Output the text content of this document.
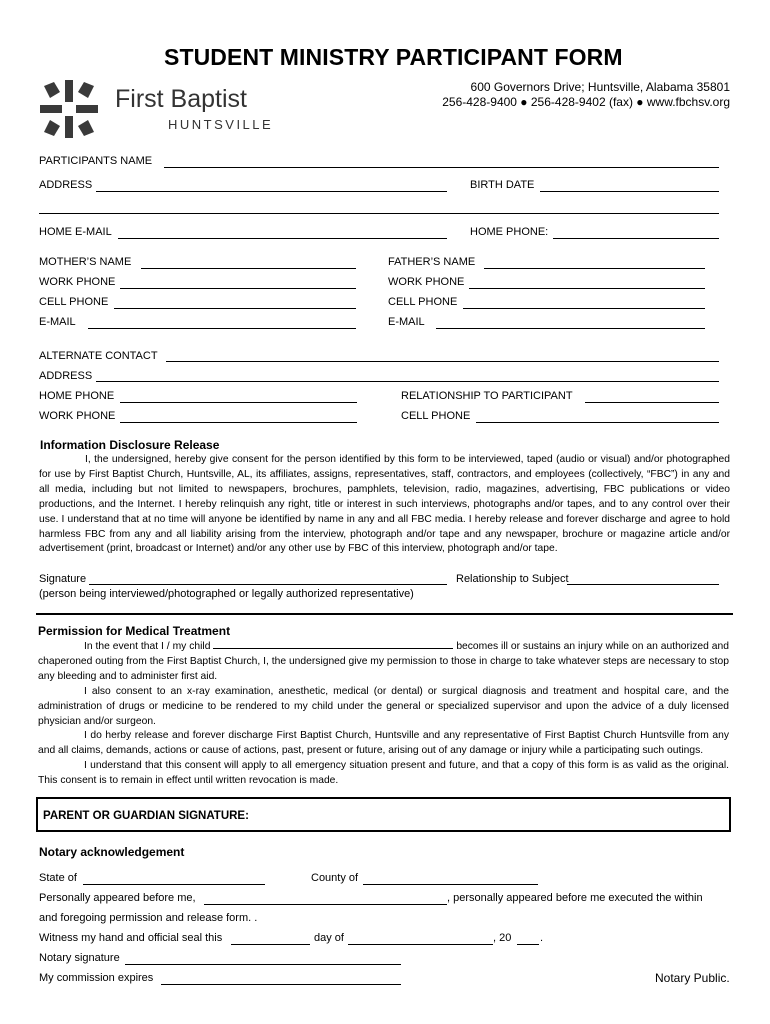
STUDENT MINISTRY PARTICIPANT FORM
First Baptist
HUNTSVILLE
600 Governors Drive; Huntsville, Alabama 35801
256-428-9400 ● 256-428-9402 (fax) ● www.fbchsv.org
PARTICIPANTS NAME
ADDRESS	BIRTH DATE
HOME E-MAIL	HOME PHONE:
MOTHER’S NAME	FATHER’S NAME
WORK PHONE	WORK PHONE
CELL PHONE	CELL PHONE
E-MAIL	E-MAIL
ALTERNATE CONTACT
ADDRESS
HOME PHONE	RELATIONSHIP TO PARTICIPANT
WORK PHONE	CELL PHONE
Information Disclosure Release
I, the undersigned, hereby give consent for the person identified by this form to be interviewed, taped (audio or visual) and/or photographed for use by First Baptist Church, Huntsville, AL, its affiliates, assigns, representatives, staff, contractors, and employees (collectively, “FBC”) in any and all media, including but not limited to newspapers, brochures, pamphlets, television, radio, magazines, advertising, FBC publications or video productions, and the Internet. I hereby relinquish any right, title or interest in such interviews, photographs and/or tapes, and to any control over their use. I understand that at no time will anyone be identified by name in any and all FBC media. I hereby release and forever discharge and agree to hold harmless FBC from any and all liability arising from the interview, photograph and/or tape and any newspaper, brochure or magazine article and/or advertisement (print, broadcast or Internet) and/or any other use by FBC of this interview, photograph and/or tape.
Signature	Relationship to Subject
(person being interviewed/photographed or legally authorized representative)
Permission for Medical Treatment
In the event that I / my child	becomes ill or sustains an injury while on an authorized and chaperoned outing from the First Baptist Church, I, the undersigned give my permission to those in charge to take whatever steps are necessary to stop any bleeding and to administer first aid.
I also consent to an x-ray examination, anesthetic, medical (or dental) or surgical diagnosis and treatment and hospital care, and the administration of drugs or medicine to be rendered to my child under the general or specialized supervisor and upon the advice of a duly licensed physician and/or surgeon.
I do herby release and forever discharge First Baptist Church, Huntsville and any representative of First Baptist Church Huntsville from any and all claims, demands, actions or cause of actions, past, present or future, arising out of any damage or injury while a participating such outings.
I understand that this consent will apply to all emergency situation present and future, and that a copy of this form is as valid as the original. This consent is to remain in effect until written revocation is made.
PARENT OR GUARDIAN SIGNATURE:
Notary acknowledgement
State of	County of
Personally appeared before me,	, personally appeared before me executed the within
and foregoing permission and release form. .
Witness my hand and official seal this	day of	, 20	.
Notary signature
My commission expires	Notary Public.
